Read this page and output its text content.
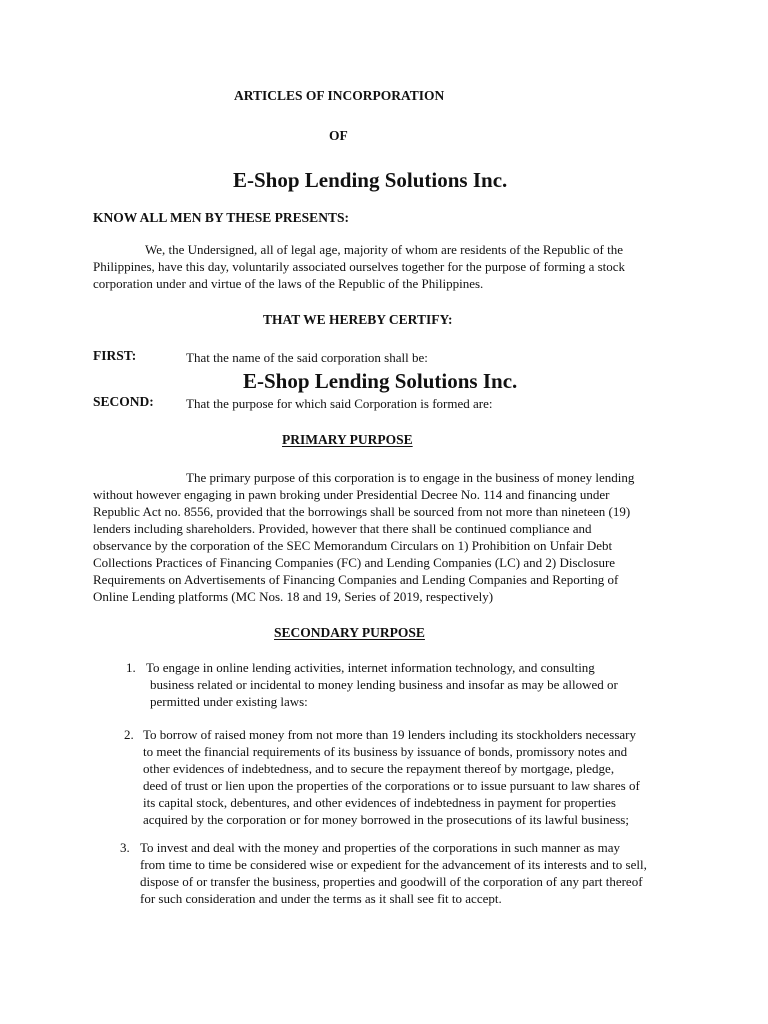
ARTICLES OF INCORPORATION
OF
E-Shop Lending Solutions Inc.
KNOW ALL MEN BY THESE PRESENTS:
We, the Undersigned, all of legal age, majority of whom are residents of the Republic of the
Philippines, have this day, voluntarily associated ourselves together for the purpose of forming a stock
corporation under and virtue of the laws of the Republic of the Philippines.
THAT WE HEREBY CERTIFY:
FIRST:	That the name of the said corporation shall be:
E-Shop Lending Solutions Inc.
SECOND: That the purpose for which said Corporation is formed are:
PRIMARY PURPOSE
The primary purpose of this corporation is to engage in the business of money lending
without however engaging in pawn broking under Presidential Decree No. 114 and financing under
Republic Act no. 8556, provided that the borrowings shall be sourced from not more than nineteen (19)
lenders including shareholders. Provided, however that there shall be continued compliance and
observance by the corporation of the SEC Memorandum Circulars on 1) Prohibition on Unfair Debt
Collections Practices of Financing Companies (FC) and Lending Companies (LC) and 2) Disclosure
Requirements on Advertisements of Financing Companies and Lending Companies and Reporting of
Online Lending platforms (MC Nos. 18 and 19, Series of 2019, respectively)
SECONDARY PURPOSE
1. To engage in online lending activities, internet information technology, and consulting
business related or incidental to money lending business and insofar as may be allowed or
permitted under existing laws:
2. To borrow of raised money from not more than 19 lenders including its stockholders necessary
to meet the financial requirements of its business by issuance of bonds, promissory notes and
other evidences of indebtedness, and to secure the repayment thereof by mortgage, pledge,
deed of trust or lien upon the properties of the corporations or to issue pursuant to law shares of
its capital stock, debentures, and other evidences of indebtedness in payment for properties
acquired by the corporation or for money borrowed in the prosecutions of its lawful business;
3. To invest and deal with the money and properties of the corporations in such manner as may
from time to time be considered wise or expedient for the advancement of its interests and to sell,
dispose of or transfer the business, properties and goodwill of the corporation of any part thereof
for such consideration and under the terms as it shall see fit to accept.
